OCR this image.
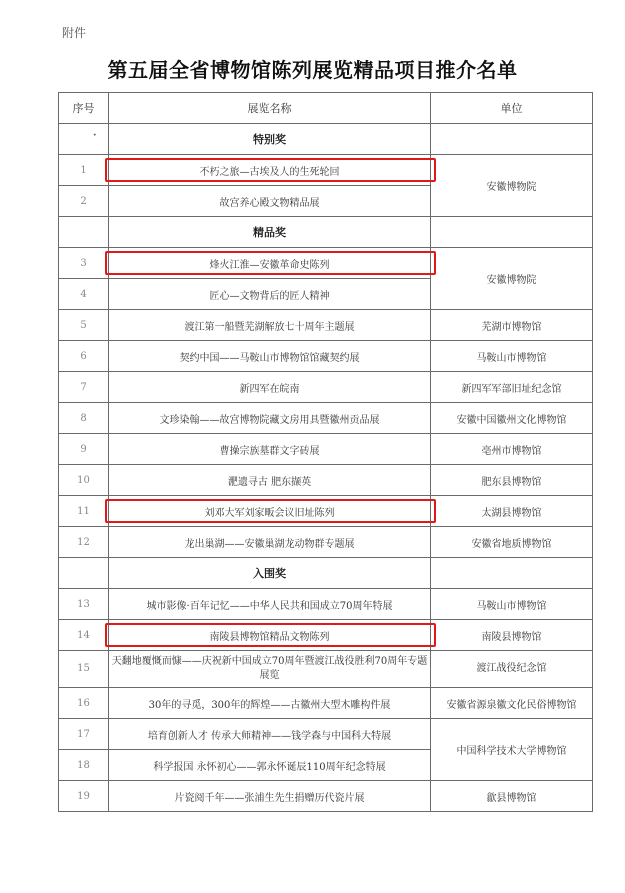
附件
第五届全省博物馆陈列展览精品项目推介名单
序号	展览名称	单位

·	特别奖	
1	不朽之旅—古埃及人的生死轮回	安徽博物院
2	故宫养心殿文物精品展	
	精品奖	
3	烽火江淮—安徽革命史陈列	安徽博物院
4	匠心—文物背后的匠人精神	
5	渡江第一船暨芜湖解放七十周年主题展	芜湖市博物馆
6	契约中国——马鞍山市博物馆馆藏契约展	马鞍山市博物馆
7	新四军在皖南	新四军军部旧址纪念馆
8	文珍染翰——故宫博物院藏文房用具暨徽州贡品展	安徽中国徽州文化博物馆
9	曹操宗族墓群文字砖展	亳州市博物馆
10	淝遗寻古 肥东撷英	肥东县博物馆
11	刘邓大军刘家畈会议旧址陈列	太湖县博物馆
12	龙出巢湖——安徽巢湖龙动物群专题展	安徽省地质博物馆
	入围奖	
13	城市影像·百年记忆——中华人民共和国成立70周年特展	马鞍山市博物馆
14	南陵县博物馆精品文物陈列	南陵县博物馆
15	天翻地覆慨而慷——庆祝新中国成立70周年暨渡江战役胜利70周年专题展览	渡江战役纪念馆
16	30年的寻觅，300年的辉煌——古徽州大型木雕构件展	安徽省源泉徽文化民俗博物馆
17	培育创新人才 传承大师精神——钱学森与中国科大特展	中国科学技术大学博物馆
18	科学报国 永怀初心——郭永怀诞辰110周年纪念特展	
19	片瓷阅千年——张浦生先生捐赠历代瓷片展	歙县博物馆
